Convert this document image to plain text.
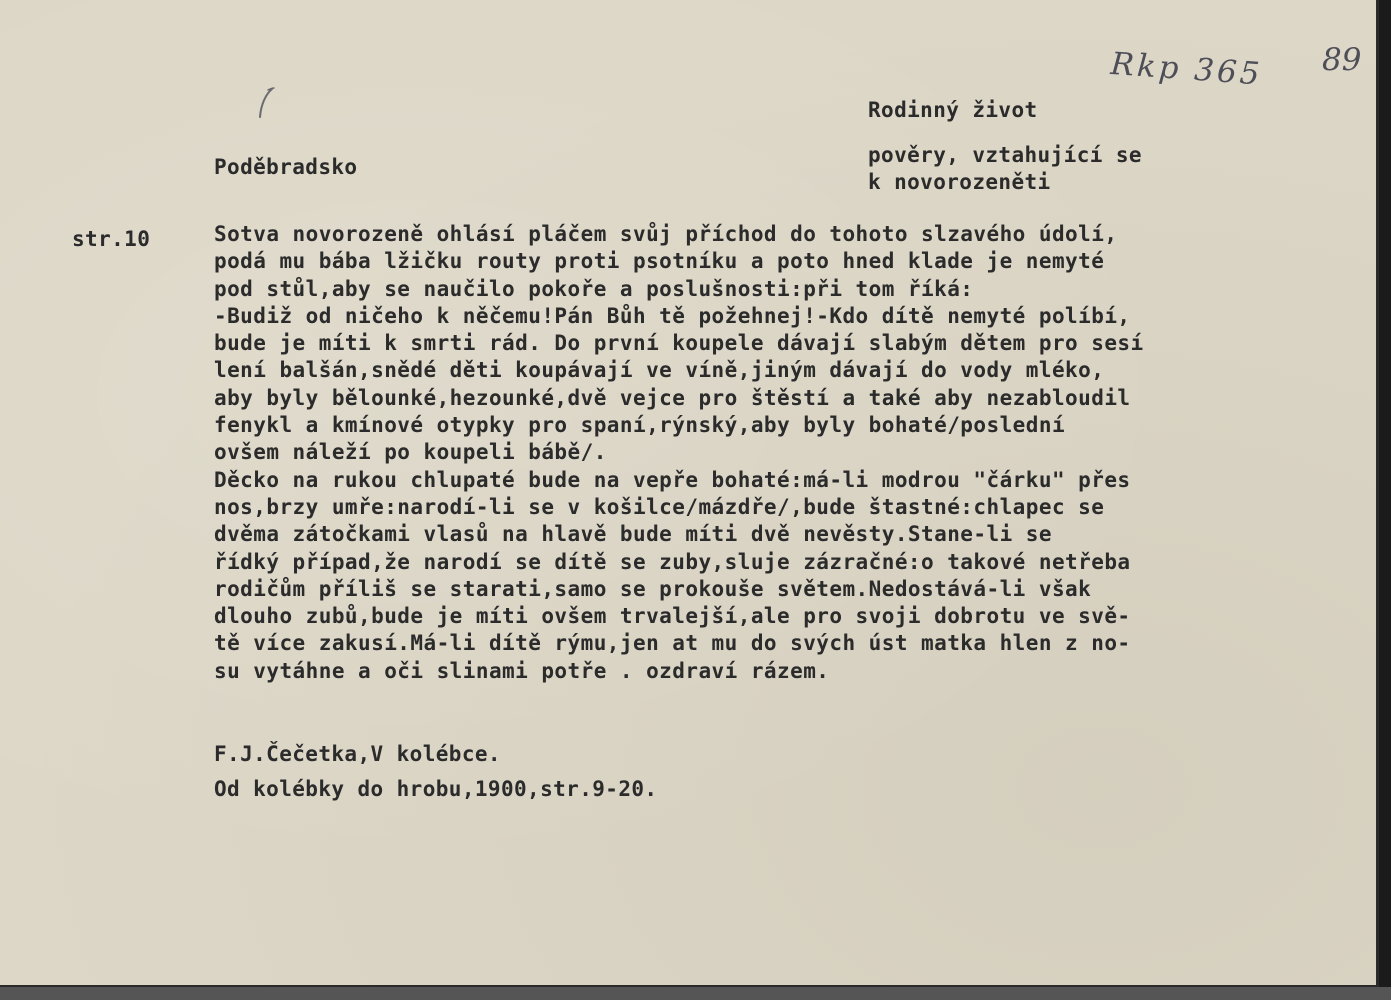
Rkp 365 89
Rodinný život
pověry, vztahující se
k novorozeněti
Poděbradsko
str.10	Sotva novorozeně ohlásí pláčem svůj příchod do tohoto slzavého údolí,
podá mu bába lžičku routy proti psotníku a poto hned klade je nemyté
pod stůl,aby se naučilo pokoře a poslušnosti:při tom říká:
-Budiž od ničeho k něčemu!Pán Bůh tě požehnej!-Kdo dítě nemyté políbí,
bude je míti k smrti rád. Do první koupele dávají slabým dětem pro sesí
lení balšán,snědé děti koupávají ve víně,jiným dávají do vody mléko,
aby byly bělounké,hezounké,dvě vejce pro štěstí a také aby nezabloudil
fenykl a kmínové otypky pro spaní,rýnský,aby byly bohaté/poslední
ovšem náleží po koupeli bábě/.
Děcko na rukou chlupaté bude na vepře bohaté:má-li modrou "čárku" přes
nos,brzy umře:narodí-li se v košilce/mázdře/,bude štastné:chlapec se
dvěma zátočkami vlasů na hlavě bude míti dvě nevěsty.Stane-li se
řídký případ,že narodí se dítě se zuby,sluje zázračné:o takové netřeba
rodičům příliš se starati,samo se prokouše světem.Nedostává-li však
dlouho zubů,bude je míti ovšem trvalejší,ale pro svoji dobrotu ve svě-
tě více zakusí.Má-li dítě rýmu,jen at mu do svých úst matka hlen z no-
su vytáhne a oči slinami potře . ozdraví rázem.
F.J.Čečetka,V kolébce.
Od kolébky do hrobu,1900,str.9-20.
